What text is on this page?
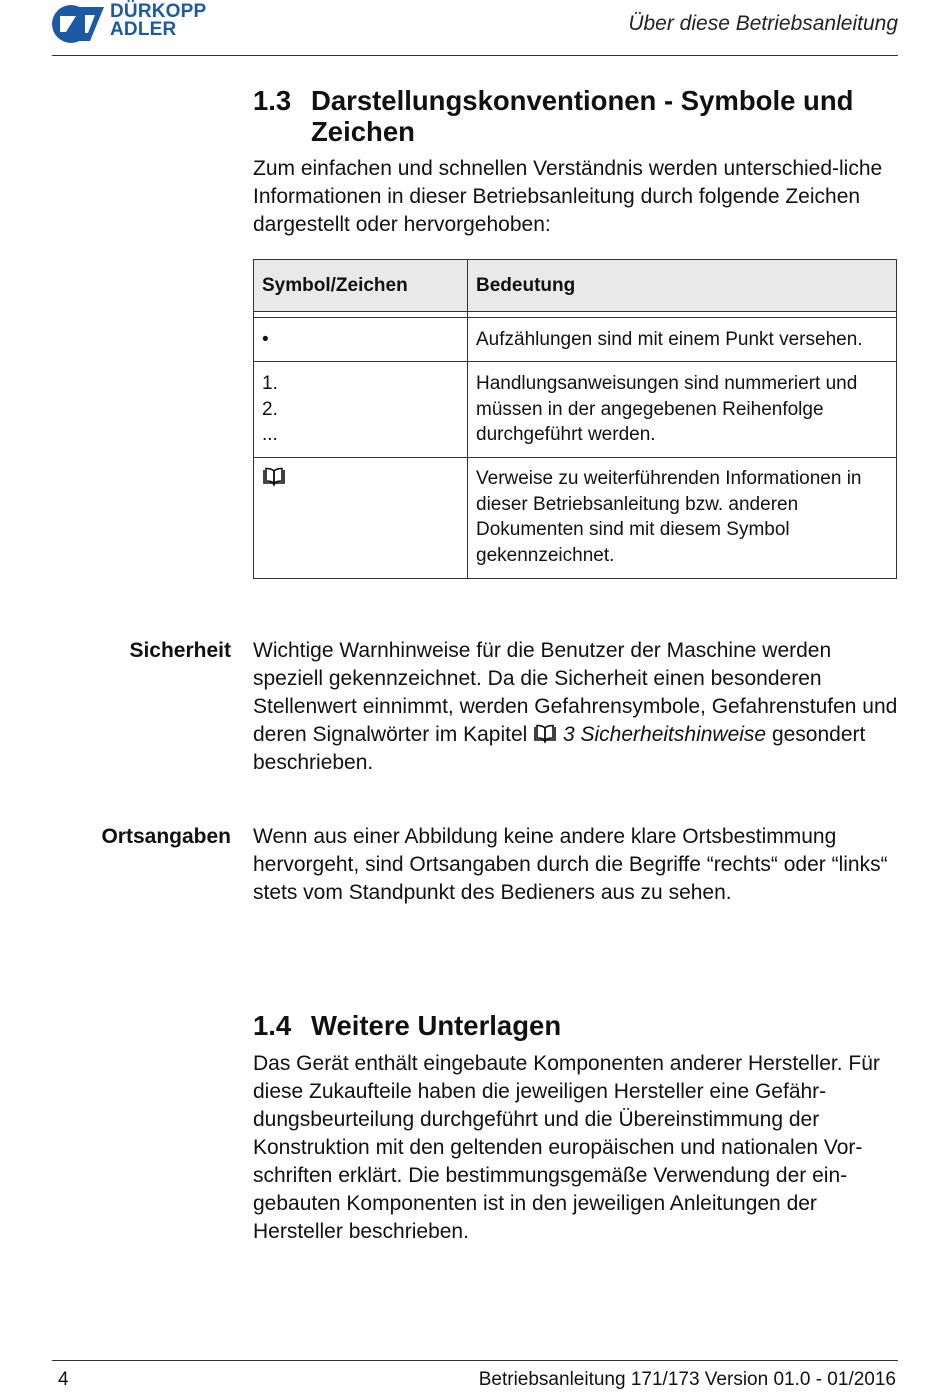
DÜRKOPP
ADLER	Über diese Betriebsanleitung
1.3 Darstellungskonventionen - Symbole und Zeichen
Zum einfachen und schnellen Verständnis werden unterschied-liche Informationen in dieser Betriebsanleitung durch folgende Zeichen dargestellt oder hervorgehoben:
Symbol/Zeichen	Bedeutung

•	Aufzählungen sind mit einem Punkt versehen.

1.
2.
...	Handlungsanweisungen sind nummeriert und müssen in der angegebenen Reihenfolge durchgeführt werden.
	Verweise zu weiterführenden Informationen in dieser Betriebsanleitung bzw. anderen Dokumenten sind mit diesem Symbol gekennzeichnet.
Sicherheit Wichtige Warnhinweise für die Benutzer der Maschine werden speziell gekennzeichnet. Da die Sicherheit einen besonderen Stellenwert einnimmt, werden Gefahrensymbole, Gefahrenstufen und deren Signalwörter im Kapitel 3 Sicherheitshinweise gesondert beschrieben.
Ortsangaben Wenn aus einer Abbildung keine andere klare Ortsbestimmung hervorgeht, sind Ortsangaben durch die Begriffe “rechts“ oder “links“ stets vom Standpunkt des Bedieners aus zu sehen.
1.4 Weitere Unterlagen
Das Gerät enthält eingebaute Komponenten anderer Hersteller. Für diese Zukaufteile haben die jeweiligen Hersteller eine Gefähr-dungsbeurteilung durchgeführt und die Übereinstimmung der Konstruktion mit den geltenden europäischen und nationalen Vor-schriften erklärt. Die bestimmungsgemäße Verwendung der ein-gebauten Komponenten ist in den jeweiligen Anleitungen der Hersteller beschrieben.
4	Betriebsanleitung 171/173 Version 01.0 - 01/2016
